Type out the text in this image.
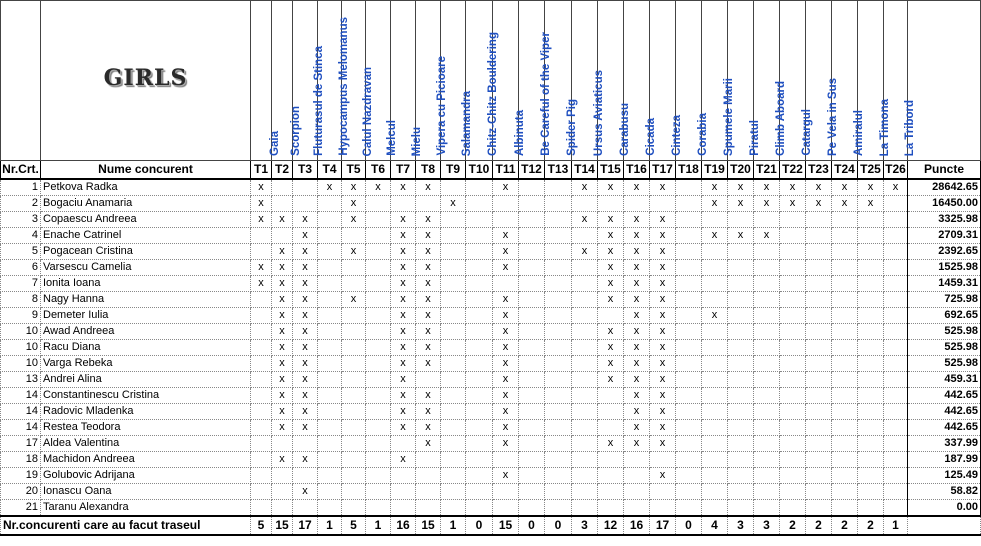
	GIRLS	Gaia	Scorpion	Fluturasul de Stinca	Hypocampus Melomanus	Calul Nazdravan	Melcul	Mielu	Vipera cu Picioare	Salamandra	Chitz-Chitz Bouldering	Albinuta	Be Careful of the Viper	Spider Pig	Ursus Aviaticus	Carabusu	Cicada	Cinteza	Corabia	Spumele Marii	Piratul	Climb Aboard	Catargul	Pe Vela in Sus	Amiralul	La Timona	La Tribord	

Nr.Crt.	Nume concurent	T1	T2	T3	T4	T5	T6	T7	T8	T9	T10	T11	T12	T13	T14	T15	T16	T17	T18	T19	T20	T21	T22	T23	T24	T25	T26	Puncte
1	Petkova Radka	x			x	x	x	x	x			x			x	x	x	x		x	x	x	x	x	x	x	x	28642.65
2	Bogaciu Anamaria	x				x				x										x	x	x	x	x	x	x		16450.00
3	Copaescu Andreea	x	x	x		x		x	x						x	x	x	x										3325.98
4	Enache Catrinel			x				x	x			x				x	x	x		x	x	x						2709.31
5	Pogacean Cristina		x	x		x		x	x			x			x	x	x	x										2392.65
6	Varsescu Camelia	x	x	x				x	x			x				x	x	x										1525.98
7	Ionita Ioana	x	x	x				x	x							x	x	x										1459.31
8	Nagy Hanna		x	x		x		x	x			x				x	x	x										725.98
9	Demeter Iulia		x	x				x	x			x					x	x		x								692.65
10	Awad Andreea		x	x				x	x			x				x	x	x										525.98
10	Racu Diana		x	x				x	x			x				x	x	x										525.98
10	Varga Rebeka		x	x				x	x			x				x	x	x										525.98
13	Andrei Alina		x	x				x				x				x	x	x										459.31
14	Constantinescu Cristina		x	x				x	x			x					x	x										442.65
14	Radovic Mladenka		x	x				x	x			x					x	x										442.65
14	Restea Teodora		x	x				x	x			x					x	x										442.65
17	Aldea Valentina								x			x				x	x	x										337.99
18	Machidon Andreea		x	x				x																				187.99
19	Golubovic Adrijana											x						x										125.49
20	Ionascu Oana			x																								58.82
21	Taranu Alexandra																											0.00
Nr.concurenti care au facut traseul		5	15	17	1	5	1	16	15	1	0	15	0	0	3	12	16	17	0	4	3	3	2	2	2	2	1	
